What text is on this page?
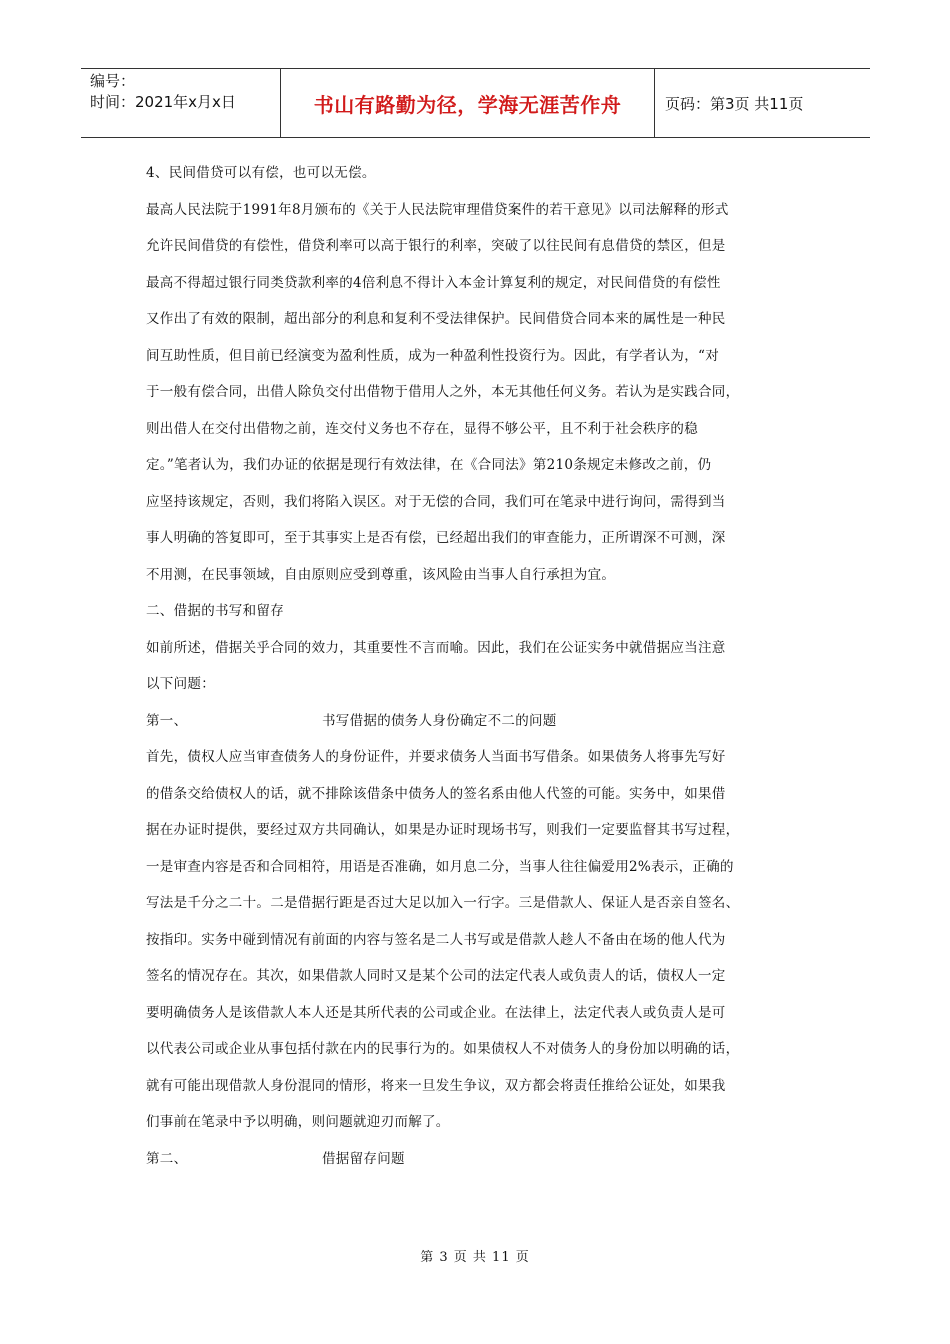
编号：
时间：2021年x月x日	书山有路勤为径，学海无涯苦作舟	页码：第3页 共11页
4、民间借贷可以有偿，也可以无偿。
最高人民法院于1991年8月颁布的《关于人民法院审理借贷案件的若干意见》以司法解释的形式
允许民间借贷的有偿性，借贷利率可以高于银行的利率，突破了以往民间有息借贷的禁区，但是
最高不得超过银行同类贷款利率的4倍利息不得计入本金计算复利的规定，对民间借贷的有偿性
又作出了有效的限制，超出部分的利息和复利不受法律保护。民间借贷合同本来的属性是一种民
间互助性质，但目前已经演变为盈利性质，成为一种盈利性投资行为。因此，有学者认为，“对
于一般有偿合同，出借人除负交付出借物于借用人之外，本无其他任何义务。若认为是实践合同，
则出借人在交付出借物之前，连交付义务也不存在，显得不够公平，且不利于社会秩序的稳
定。”笔者认为，我们办证的依据是现行有效法律，在《合同法》第210条规定未修改之前，仍
应坚持该规定，否则，我们将陷入误区。对于无偿的合同，我们可在笔录中进行询问，需得到当
事人明确的答复即可，至于其事实上是否有偿，已经超出我们的审查能力，正所谓深不可测，深
不用测，在民事领域，自由原则应受到尊重，该风险由当事人自行承担为宜。
二、借据的书写和留存
如前所述，借据关乎合同的效力，其重要性不言而喻。因此，我们在公证实务中就借据应当注意
以下问题：
第一、	书写借据的债务人身份确定不二的问题
首先，债权人应当审查债务人的身份证件，并要求债务人当面书写借条。如果债务人将事先写好
的借条交给债权人的话，就不排除该借条中债务人的签名系由他人代签的可能。实务中，如果借
据在办证时提供，要经过双方共同确认，如果是办证时现场书写，则我们一定要监督其书写过程，
一是审查内容是否和合同相符，用语是否准确，如月息二分，当事人往往偏爱用2%表示，正确的
写法是千分之二十。二是借据行距是否过大足以加入一行字。三是借款人、保证人是否亲自签名、
按指印。实务中碰到情况有前面的内容与签名是二人书写或是借款人趁人不备由在场的他人代为
签名的情况存在。其次，如果借款人同时又是某个公司的法定代表人或负责人的话，债权人一定
要明确债务人是该借款人本人还是其所代表的公司或企业。在法律上，法定代表人或负责人是可
以代表公司或企业从事包括付款在内的民事行为的。如果债权人不对债务人的身份加以明确的话，
就有可能出现借款人身份混同的情形，将来一旦发生争议，双方都会将责任推给公证处，如果我
们事前在笔录中予以明确，则问题就迎刃而解了。
第二、	借据留存问题
第 3 页 共 11 页
